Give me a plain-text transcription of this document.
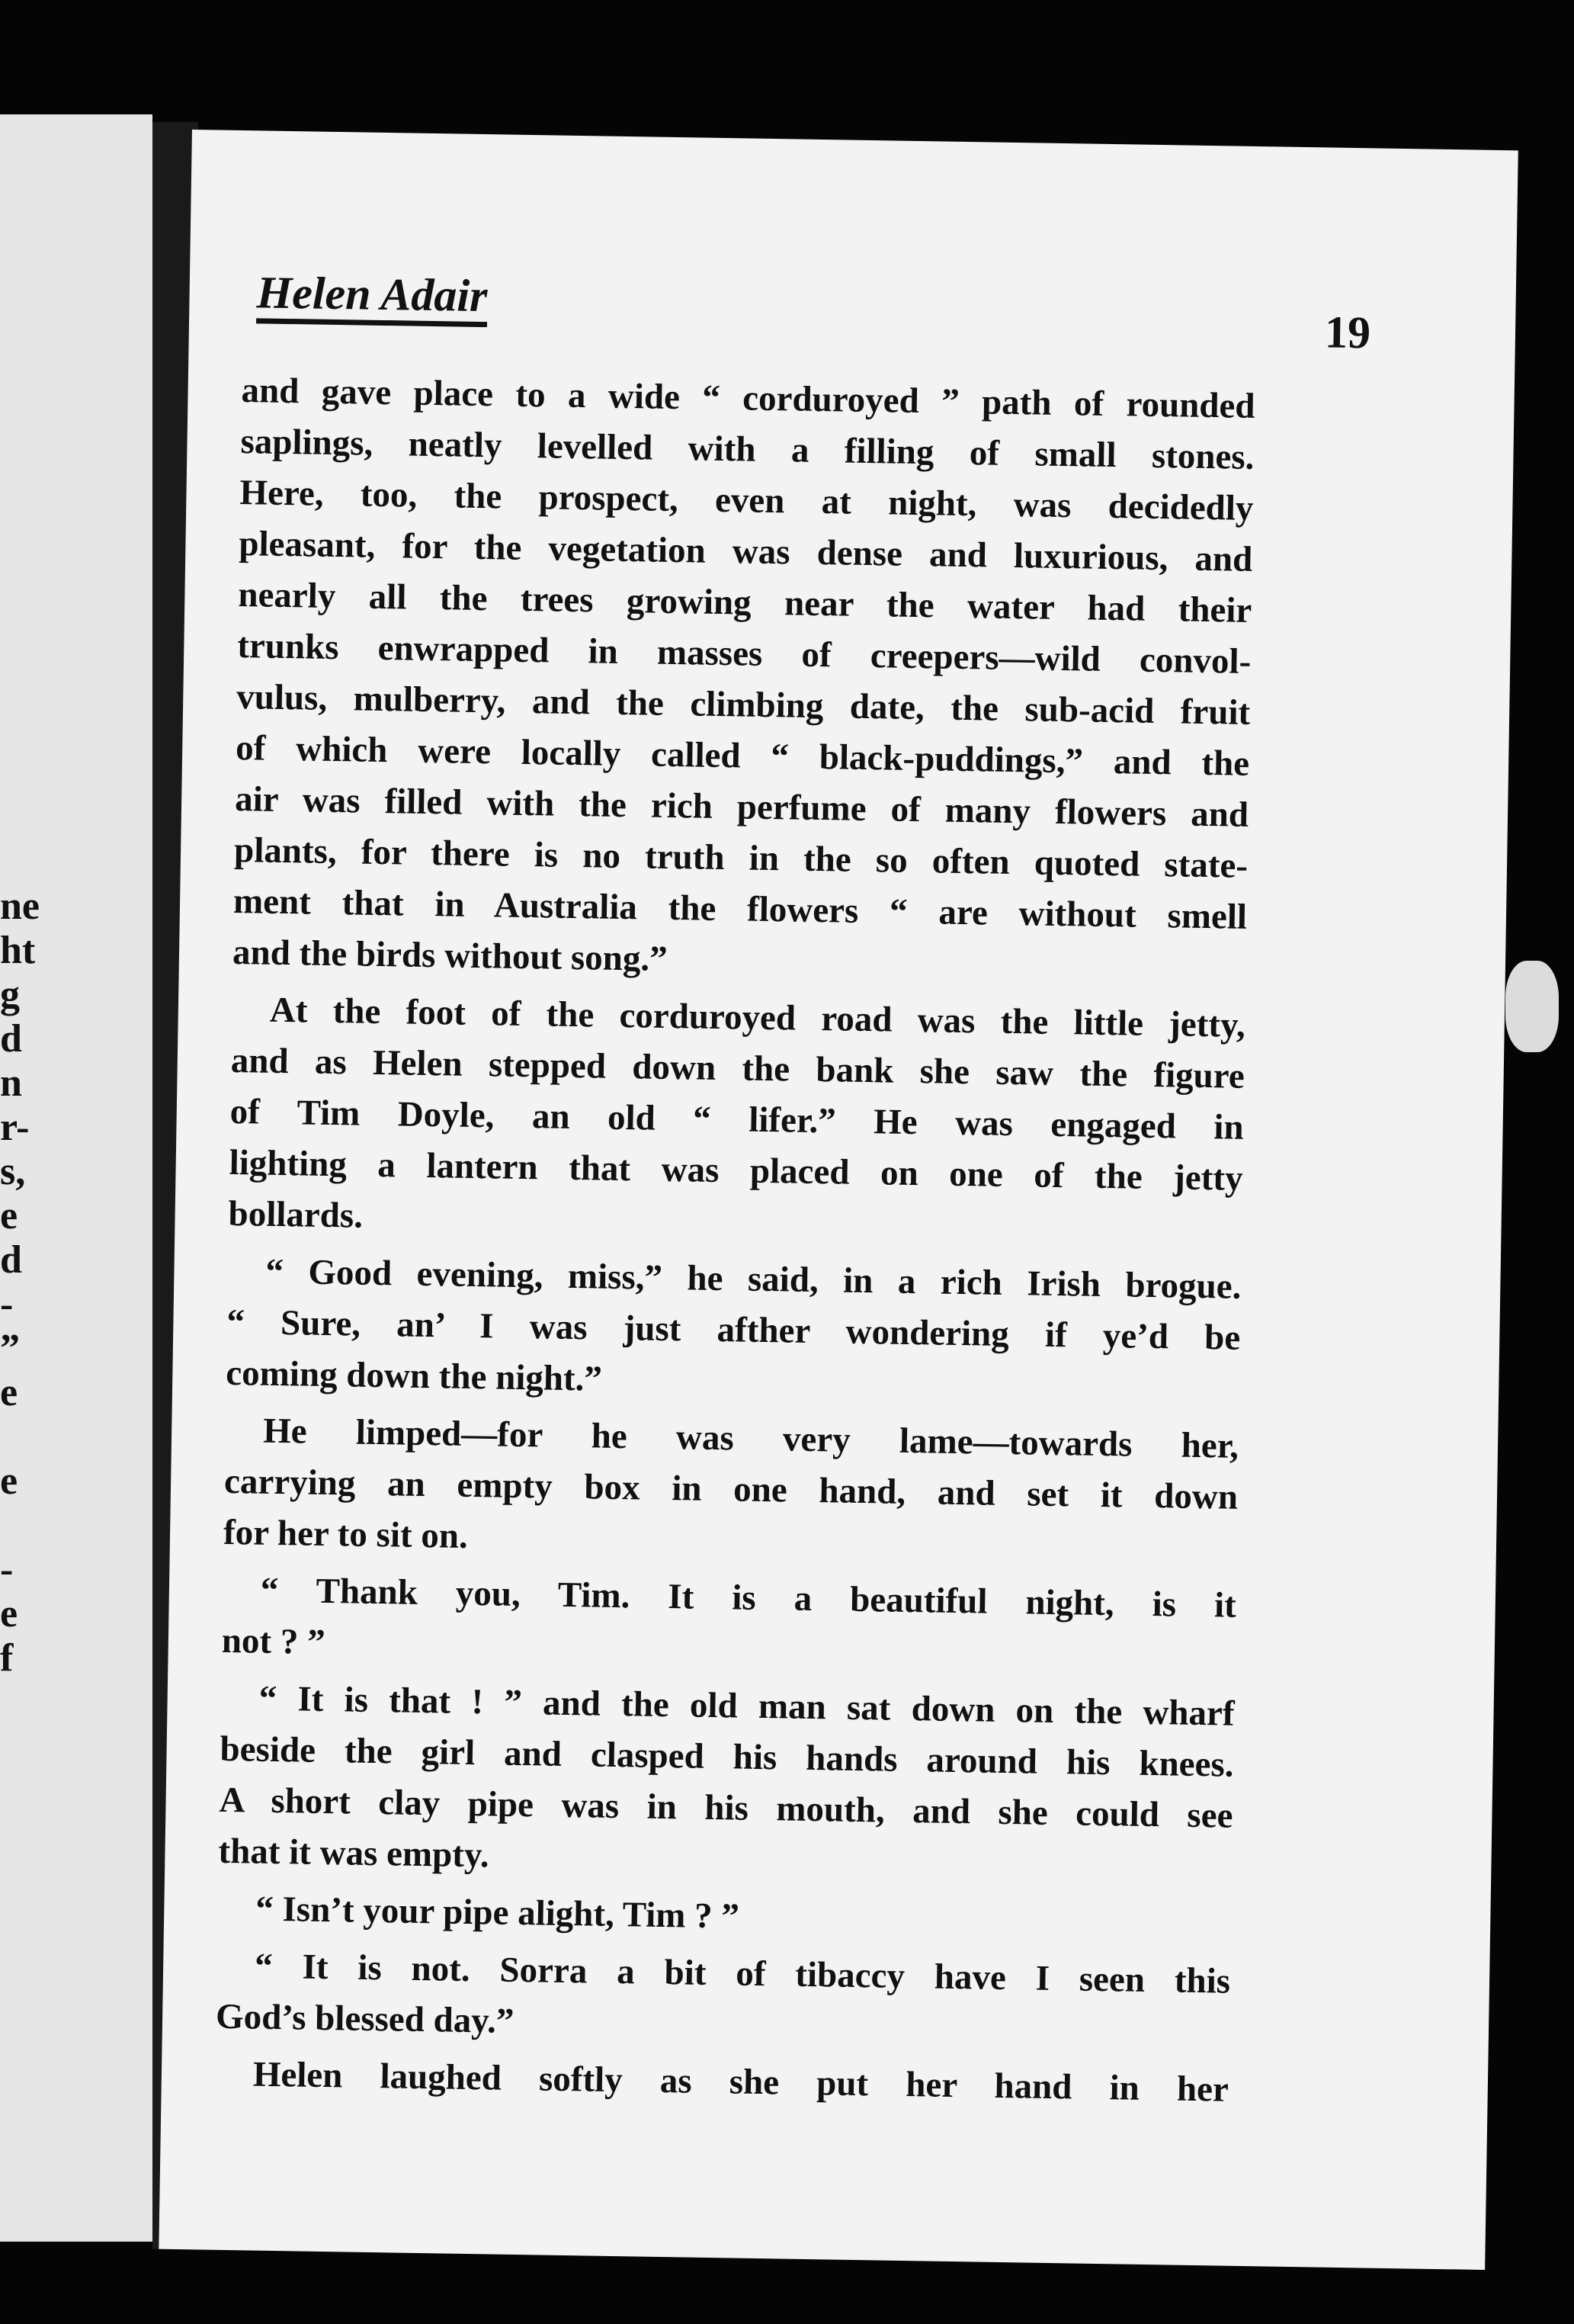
ne
ht
g
d
n
r-
s,
e
d
-
”
e
e
-
e
f
Helen Adair
19
and gave place to a wide “ corduroyed ” path of rounded
saplings, neatly levelled with a filling of small stones.
Here, too, the prospect, even at night, was decidedly
pleasant, for the vegetation was dense and luxurious, and
nearly all the trees growing near the water had their
trunks enwrapped in masses of creepers—wild convol-
vulus, mulberry, and the climbing date, the sub-acid fruit
of which were locally called “ black-puddings,” and the
air was filled with the rich perfume of many flowers and
plants, for there is no truth in the so often quoted state-
ment that in Australia the flowers “ are without smell
and the birds without song.”
At the foot of the corduroyed road was the little jetty,
and as Helen stepped down the bank she saw the figure
of Tim Doyle, an old “ lifer.” He was engaged in
lighting a lantern that was placed on one of the jetty
bollards.
“ Good evening, miss,” he said, in a rich Irish brogue.
“ Sure, an’ I was just afther wondering if ye’d be
coming down the night.”
He limped—for he was very lame—towards her,
carrying an empty box in one hand, and set it down
for her to sit on.
“ Thank you, Tim. It is a beautiful night, is it
not ? ”
“ It is that ! ” and the old man sat down on the wharf
beside the girl and clasped his hands around his knees.
A short clay pipe was in his mouth, and she could see
that it was empty.
“ Isn’t your pipe alight, Tim ? ”
“ It is not. Sorra a bit of tibaccy have I seen this
God’s blessed day.”
Helen laughed softly as she put her hand in her
